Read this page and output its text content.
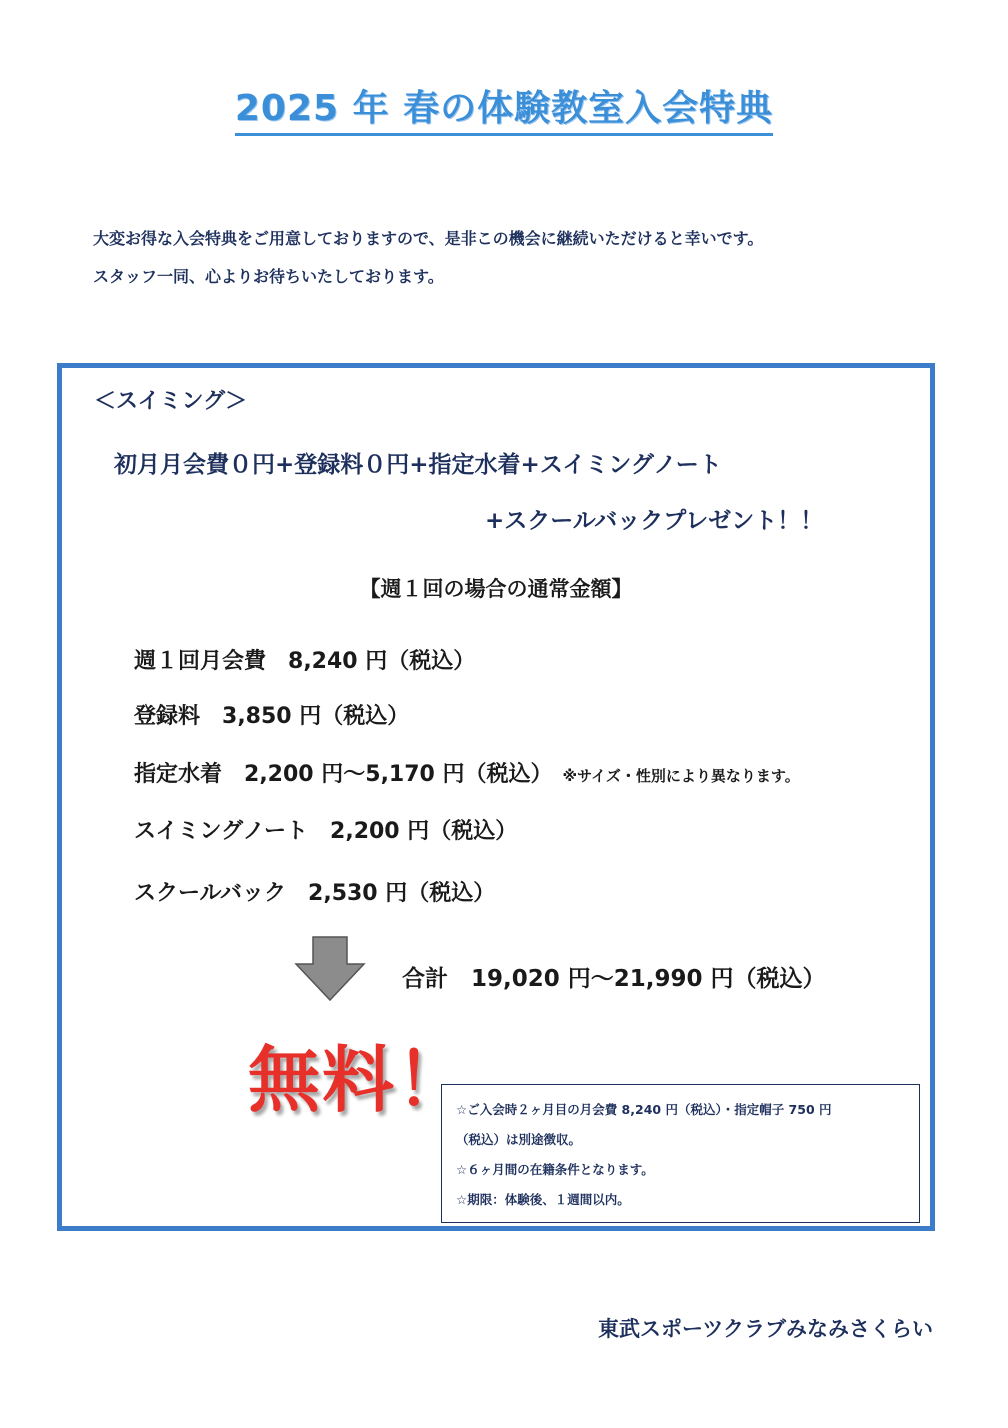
2025 年 春の体験教室入会特典
大変お得な入会特典をご用意しておりますので、是非この機会に継続いただけると幸いです。
スタッフ一同、心よりお待ちいたしております。
＜スイミング＞
初月月会費０円+登録料０円+指定水着+スイミングノート
+スクールバックプレゼント！！
【週１回の場合の通常金額】
週１回月会費  8,240 円（税込）
登録料  3,850 円（税込）
指定水着  2,200 円〜5,170 円（税込） ※サイズ・性別により異なります。
スイミングノート  2,200 円（税込）
スクールバック  2,530 円（税込）
合計  19,020 円〜21,990 円（税込）
無料！
☆ご入会時２ヶ月目の月会費 8,240 円（税込）・指定帽子 750 円
（税込）は別途徴収。
☆６ヶ月間の在籍条件となります。
☆期限：体験後、１週間以内。
東武スポーツクラブみなみさくらい
